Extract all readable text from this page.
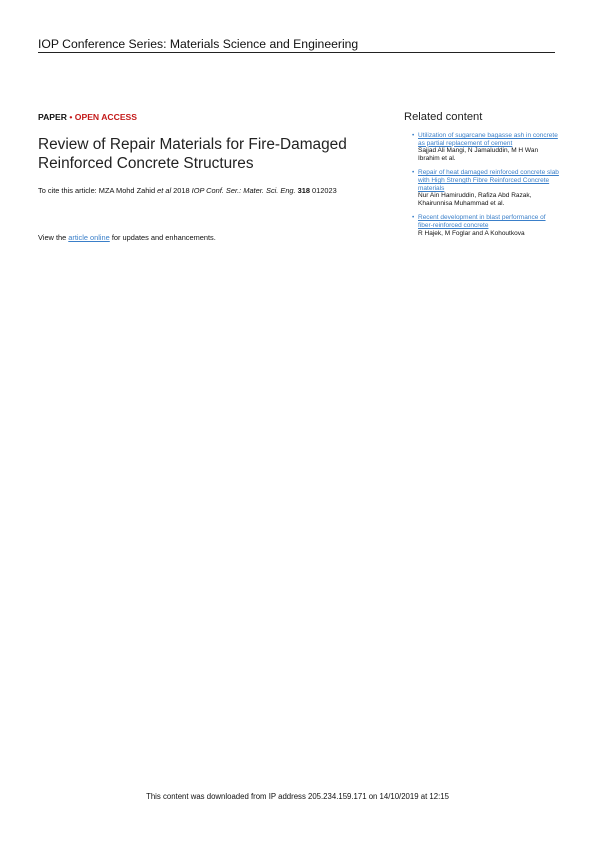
IOP Conference Series: Materials Science and Engineering
PAPER • OPEN ACCESS
Review of Repair Materials for Fire-Damaged
Reinforced Concrete Structures
To cite this article: MZA Mohd Zahid et al 2018 IOP Conf. Ser.: Mater. Sci. Eng. 318 012023
View the article online for updates and enhancements.
Related content
• Utilization of sugarcane bagasse ash in concrete as partial replacement of cement
Sajjad Ali Mangi, N Jamaluddin, M H Wan Ibrahim et al.
• Repair of heat damaged reinforced concrete slab with High Strength Fibre Reinforced Concrete materials
Nur Ain Hamiruddin, Rafiza Abd Razak, Khairunnisa Muhammad et al.
• Recent development in blast performance of fiber-reinforced concrete
R Hajek, M Foglar and A Kohoutkova
This content was downloaded from IP address 205.234.159.171 on 14/10/2019 at 12:15
